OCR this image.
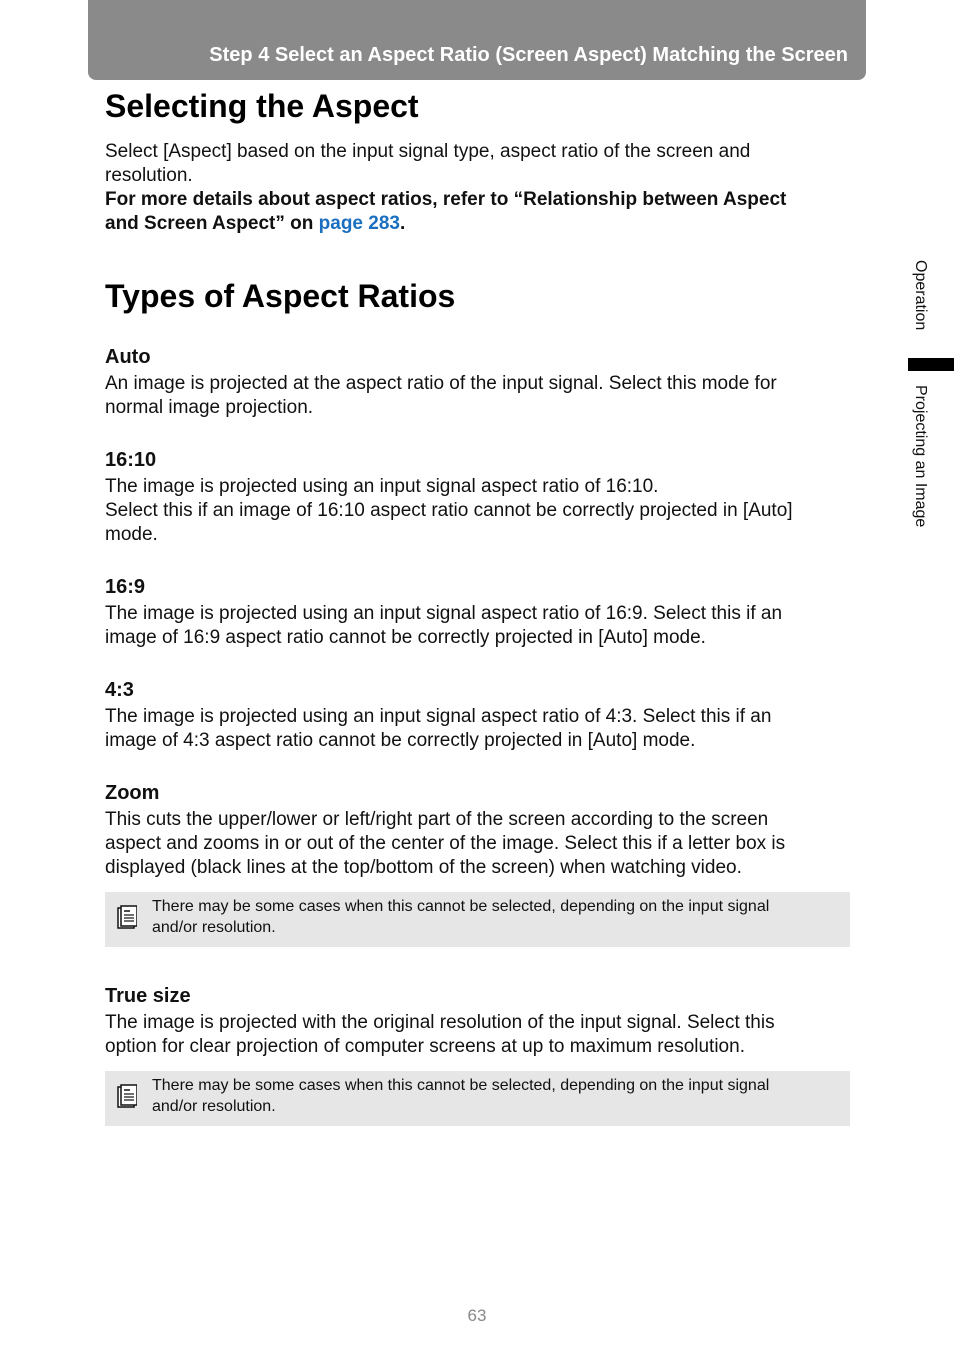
Step 4 Select an Aspect Ratio (Screen Aspect) Matching the Screen
Selecting the Aspect

Select [Aspect] based on the input signal type, aspect ratio of the screen and
resolution.
For more details about aspect ratios, refer to “Relationship between Aspect
and Screen Aspect” on page 283.

Types of Aspect Ratios
Auto

An image is projected at the aspect ratio of the input signal. Select this mode for
normal image projection.

16:10

The image is projected using an input signal aspect ratio of 16:10.
Select this if an image of 16:10 aspect ratio cannot be correctly projected in [Auto]
mode.

16:9

The image is projected using an input signal aspect ratio of 16:9. Select this if an
image of 16:9 aspect ratio cannot be correctly projected in [Auto] mode.

4:3

The image is projected using an input signal aspect ratio of 4:3. Select this if an
image of 4:3 aspect ratio cannot be correctly projected in [Auto] mode.

Zoom

This cuts the upper/lower or left/right part of the screen according to the screen
aspect and zooms in or out of the center of the image. Select this if a letter box is
displayed (black lines at the top/bottom of the screen) when watching video.

There may be some cases when this cannot be selected, depending on the input signal
and/or resolution.
True size

The image is projected with the original resolution of the input signal. Select this
option for clear projection of computer screens at up to maximum resolution.

There may be some cases when this cannot be selected, depending on the input signal
and/or resolution.
Operation
Projecting an Image
63
